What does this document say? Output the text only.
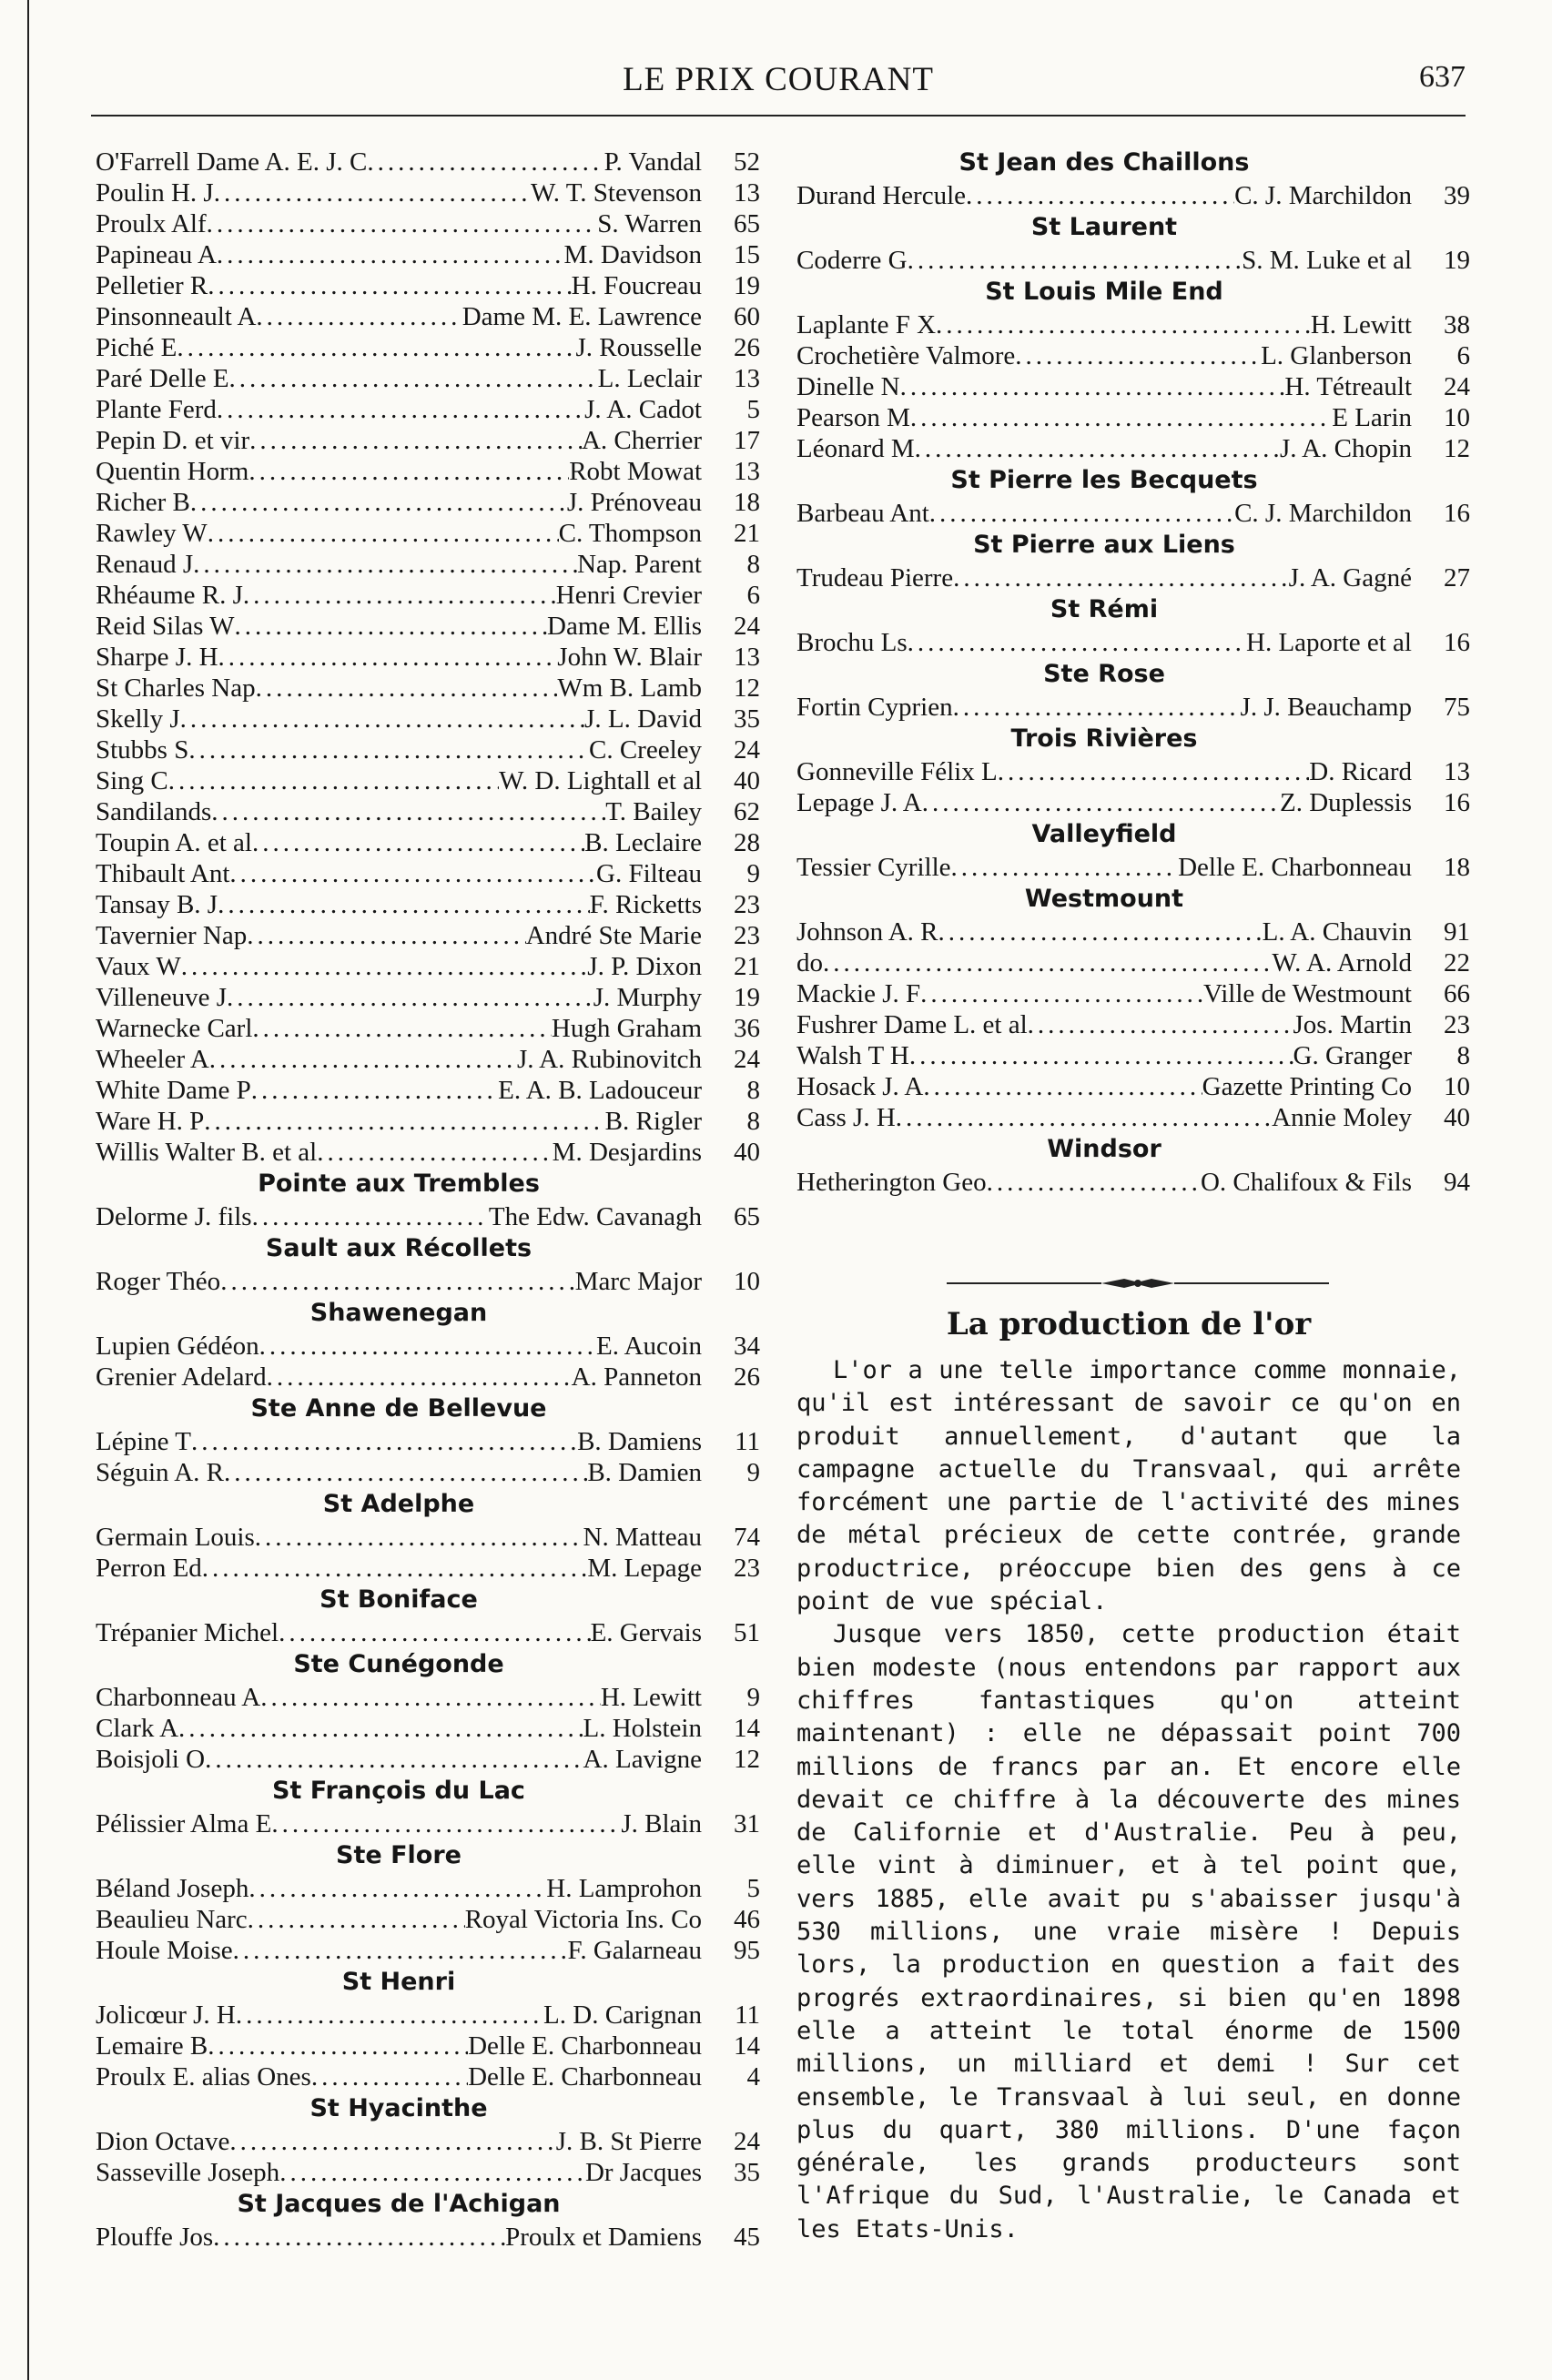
LE PRIX COURANT	637
O'Farrell Dame A. E. J. C .....	P. Vandal	52
Poulin H. J .....	W. T. Stevenson	13
Proulx Alf .....	S. Warren	65
Papineau A .....	M. Davidson	15
Pelletier R .....	H. Foucreau	19
Pinsonneault A .....	Dame M. E. Lawrence	60
Piché E .....	J. Rousselle	26
Paré Delle E .....	L. Leclair	13
Plante Ferd .....	J. A. Cadot	5
Pepin D. et vir .....	A. Cherrier	17
Quentin Horm .....	Robt Mowat	13
Richer B .....	J. Prénoveau	18
Rawley W .....	C. Thompson	21
Renaud J .....	Nap. Parent	8
Rhéaume R. J .....	Henri Crevier	6
Reid Silas W .....	Dame M. Ellis	24
Sharpe J. H .....	John W. Blair	13
St Charles Nap .....	Wm B. Lamb	12
Skelly J .....	J. L. David	35
Stubbs S .....	C. Creeley	24
Sing C .....	W. D. Lightall et al	40
Sandilands .....	T. Bailey	62
Toupin A. et al .....	B. Leclaire	28
Thibault Ant .....	G. Filteau	9
Tansay B. J .....	F. Ricketts	23
Tavernier Nap .....	André Ste Marie	23
Vaux W .....	J. P. Dixon	21
Villeneuve J .....	J. Murphy	19
Warnecke Carl .....	Hugh Graham	36
Wheeler A .....	J. A. Rubinovitch	24
White Dame P .....	E. A. B. Ladouceur	8
Ware H. P .....	B. Rigler	8
Willis Walter B. et al .....	M. Desjardins	40
Pointe aux Trembles
Delorme J. fils .....	The Edw. Cavanagh	65
Sault aux Récollets
Roger Théo .....	Marc Major	10
Shawenegan
Lupien Gédéon .....	E. Aucoin	34
Grenier Adelard .....	A. Panneton	26
Ste Anne de Bellevue
Lépine T .....	B. Damiens	11
Séguin A. R .....	B. Damien	9
St Adelphe
Germain Louis .....	N. Matteau	74
Perron Ed .....	M. Lepage	23
St Boniface
Trépanier Michel .....	E. Gervais	51
Ste Cunégonde
Charbonneau A .....	H. Lewitt	9
Clark A .....	L. Holstein	14
Boisjoli O .....	A. Lavigne	12
St François du Lac
Pélissier Alma E .....	J. Blain	31
Ste Flore
Béland Joseph .....	H. Lamprohon	5
Beaulieu Narc .....	Royal Victoria Ins. Co	46
Houle Moise .....	F. Galarneau	95
St Henri
Jolicœur J. H .....	L. D. Carignan	11
Lemaire B .....	Delle E. Charbonneau	14
Proulx E. alias Ones .....	Delle E. Charbonneau	4
St Hyacinthe
Dion Octave .....	J. B. St Pierre	24
Sasseville Joseph .....	Dr Jacques	35
St Jacques de l'Achigan
Plouffe Jos .....	Proulx et Damiens	45
St Jean des Chaillons
Durand Hercule .....	C. J. Marchildon	39
St Laurent
Coderre G .....	S. M. Luke et al	19
St Louis Mile End
Laplante F X .....	H. Lewitt	38
Crochetière Valmore .....	L. Glanberson	6
Dinelle N .....	H. Tétreault	24
Pearson M .....	E Larin	10
Léonard M .....	J. A. Chopin	12
St Pierre les Becquets
Barbeau Ant .....	C. J. Marchildon	16
St Pierre aux Liens
Trudeau Pierre .....	J. A. Gagné	27
St Rémi
Brochu Ls .....	H. Laporte et al	16
Ste Rose
Fortin Cyprien .....	J. J. Beauchamp	75
Trois Rivières
Gonneville Félix L .....	D. Ricard	13
Lepage J. A .....	Z. Duplessis	16
Valleyfield
Tessier Cyrille .....	Delle E. Charbonneau	18
Westmount
Johnson A. R .....	L. A. Chauvin	91
do .....	W. A. Arnold	22
Mackie J. F .....	Ville de Westmount	66
Fushrer Dame L. et al .....	Jos. Martin	23
Walsh T H .....	G. Granger	8
Hosack J. A .....	Gazette Printing Co	10
Cass J. H .....	Annie Moley	40
Windsor
Hetherington Geo .....	O. Chalifoux & Fils	94
La production de l'or

L'or a une telle importance comme monnaie, qu'il est intéressant de savoir ce qu'on en produit annuellement, d'autant que la campagne actuelle du Transvaal, qui arrête forcément une partie de l'activité des mines de métal précieux de cette contrée, grande productrice, préoccupe bien des gens à ce point de vue spécial.

Jusque vers 1850, cette production était bien modeste (nous entendons par rapport aux chiffres fantastiques qu'on atteint maintenant) : elle ne dépassait point 700 millions de francs par an. Et encore elle devait ce chiffre à la découverte des mines de Californie et d'Australie. Peu à peu, elle vint à diminuer, et à tel point que, vers 1885, elle avait pu s'abaisser jusqu'à 530 millions, une vraie misère ! Depuis lors, la production en question a fait des progrés extraordinaires, si bien qu'en 1898 elle a atteint le total énorme de 1500 millions, un milliard et demi ! Sur cet ensemble, le Transvaal à lui seul, en donne plus du quart, 380 millions. D'une façon générale, les grands producteurs sont l'Afrique du Sud, l'Australie, le Canada et les Etats-Unis.
